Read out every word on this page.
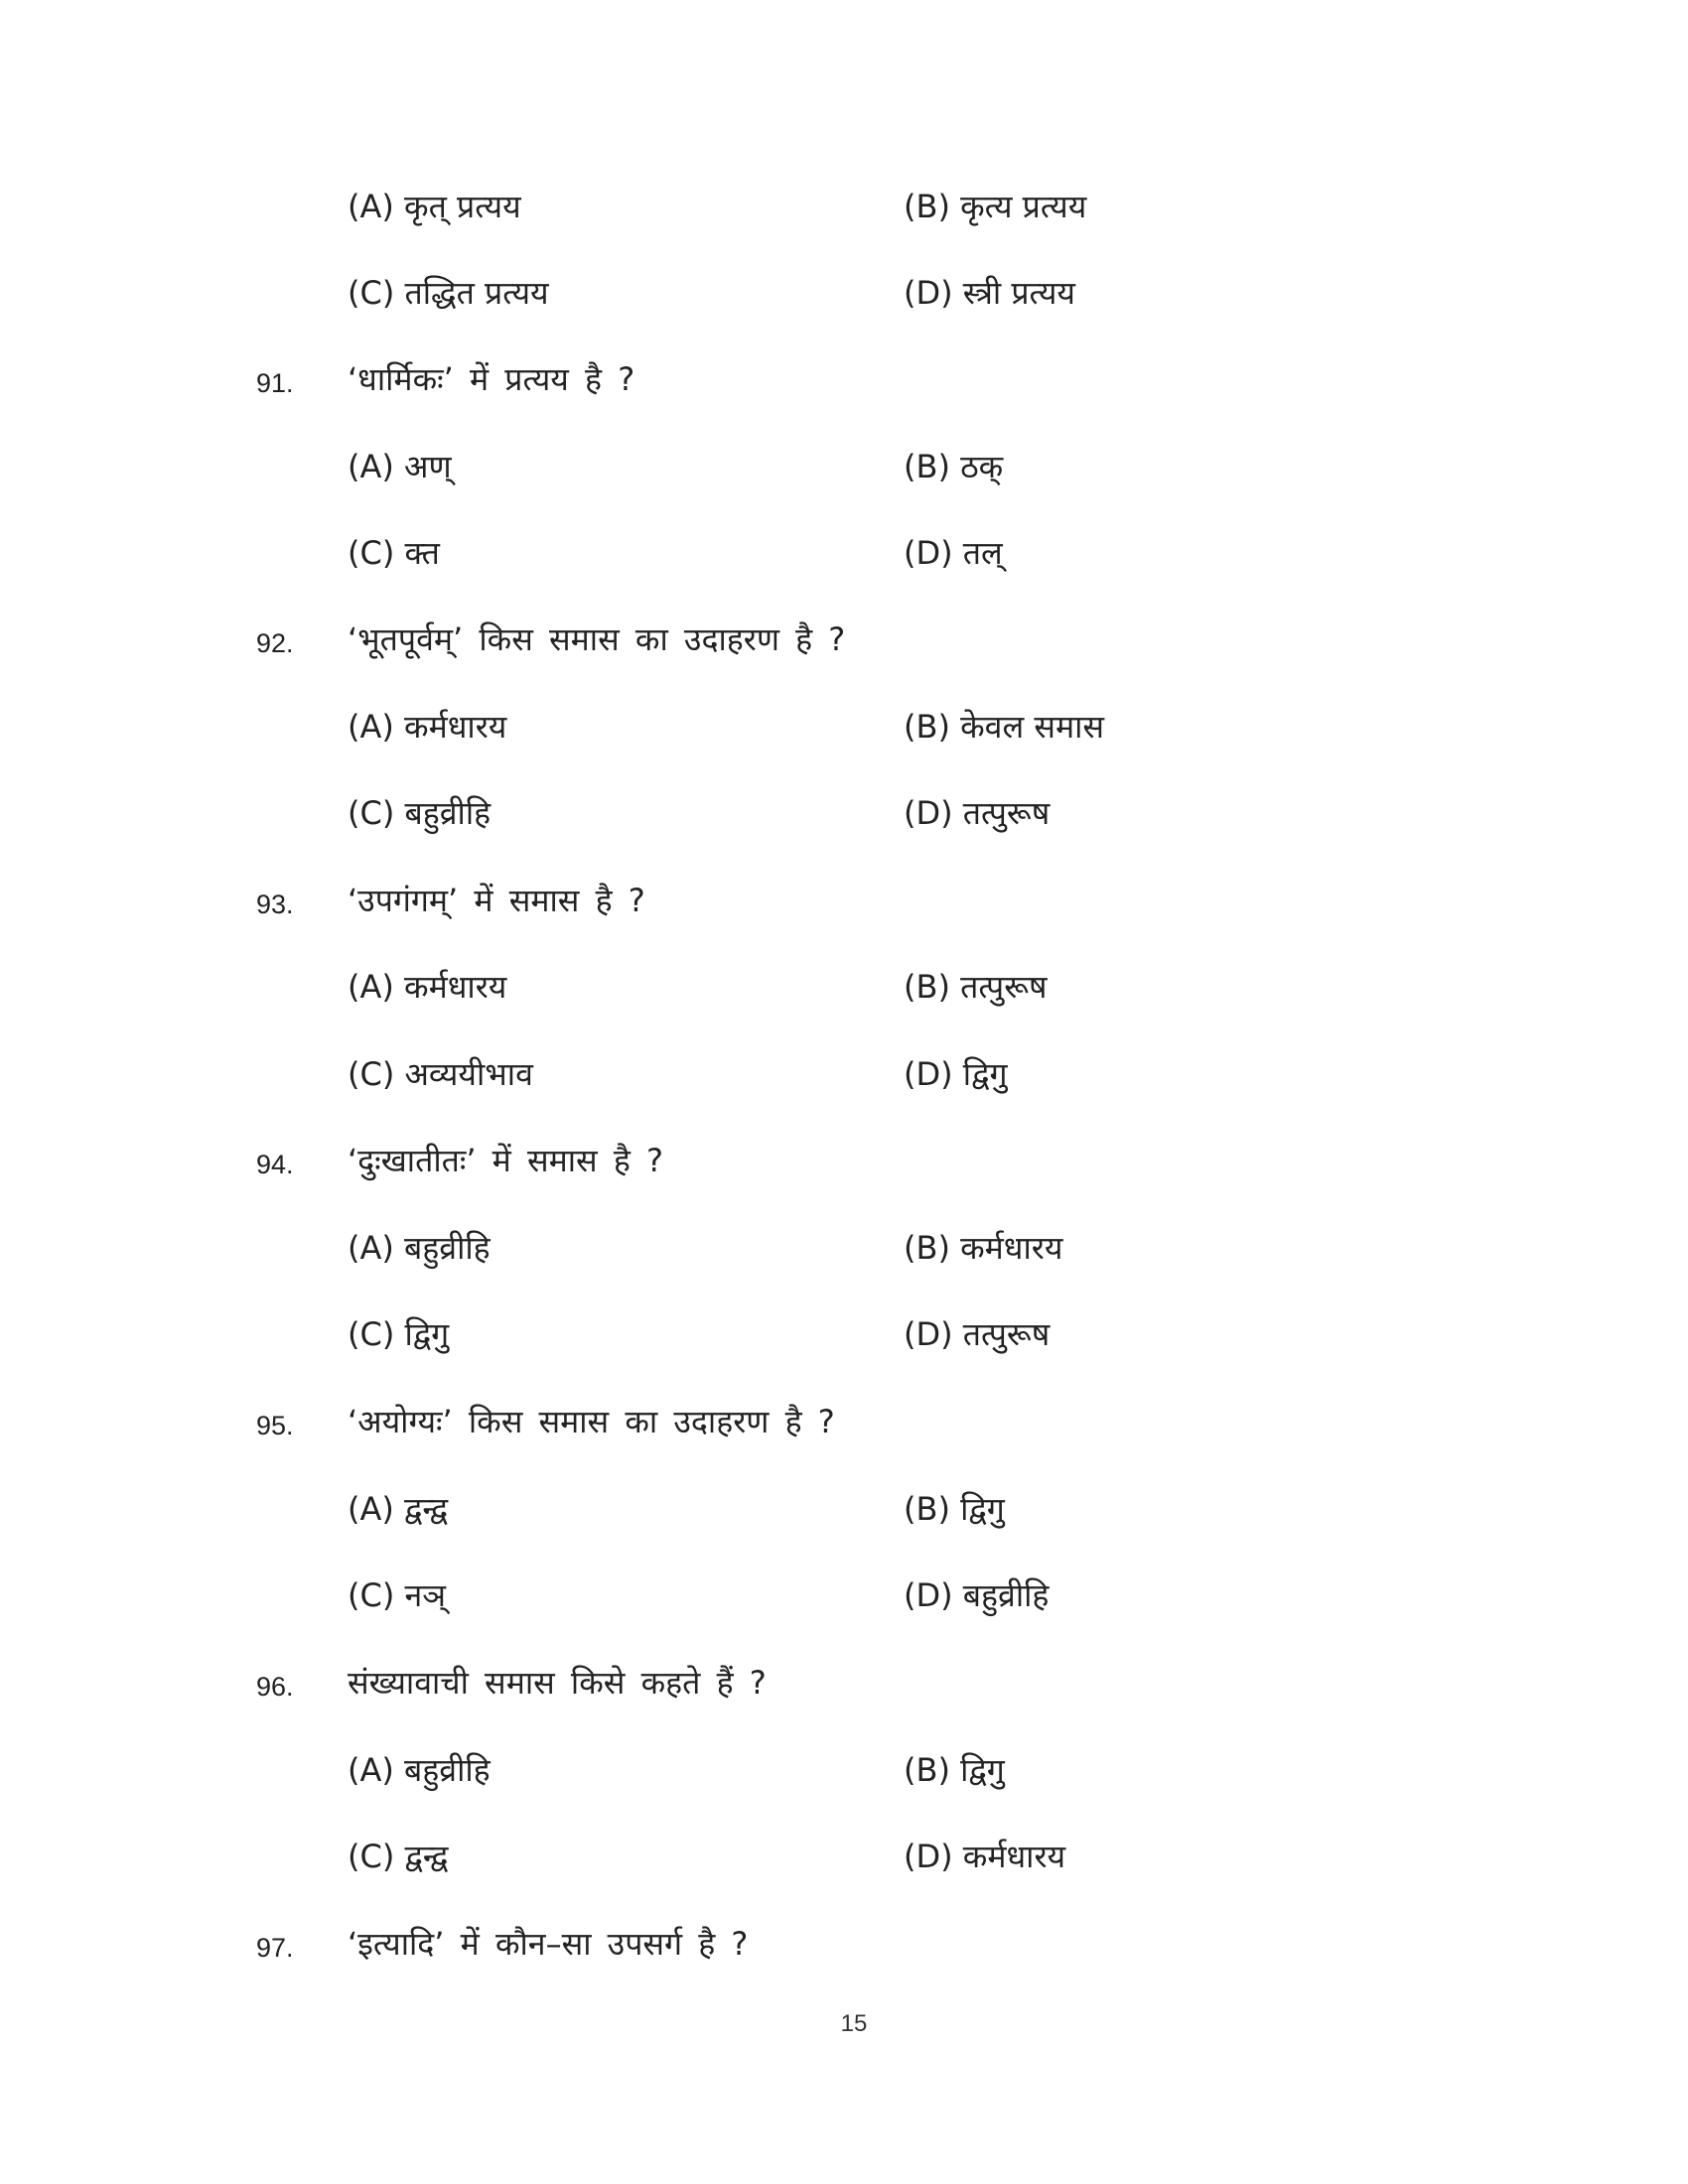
(A) कृत् प्रत्यय	(B) कृत्य प्रत्यय
(C) तद्धित प्रत्यय	(D) स्त्री प्रत्यय
91. ‘धार्मिकः’ में प्रत्यय है ?
(A) अण्	(B) ठक्
(C) क्त	(D) तल्
92. ‘भूतपूर्वम्’ किस समास का उदाहरण है ?
(A) कर्मधारय	(B) केवल समास
(C) बहुव्रीहि	(D) तत्पुरूष
93. ‘उपगंगम्’ में समास है ?
(A) कर्मधारय	(B) तत्पुरूष
(C) अव्ययीभाव	(D) द्विगु
94. ‘दुःखातीतः’ में समास है ?
(A) बहुव्रीहि	(B) कर्मधारय
(C) द्विगु	(D) तत्पुरूष
95. ‘अयोग्यः’ किस समास का उदाहरण है ?
(A) द्वन्द्व	(B) द्विगु
(C) नञ्	(D) बहुव्रीहि
96. संख्यावाची समास किसे कहते हैं ?
(A) बहुव्रीहि	(B) द्विगु
(C) द्वन्द्व	(D) कर्मधारय
97. ‘इत्यादि’ में कौन–सा उपसर्ग है ?
15
